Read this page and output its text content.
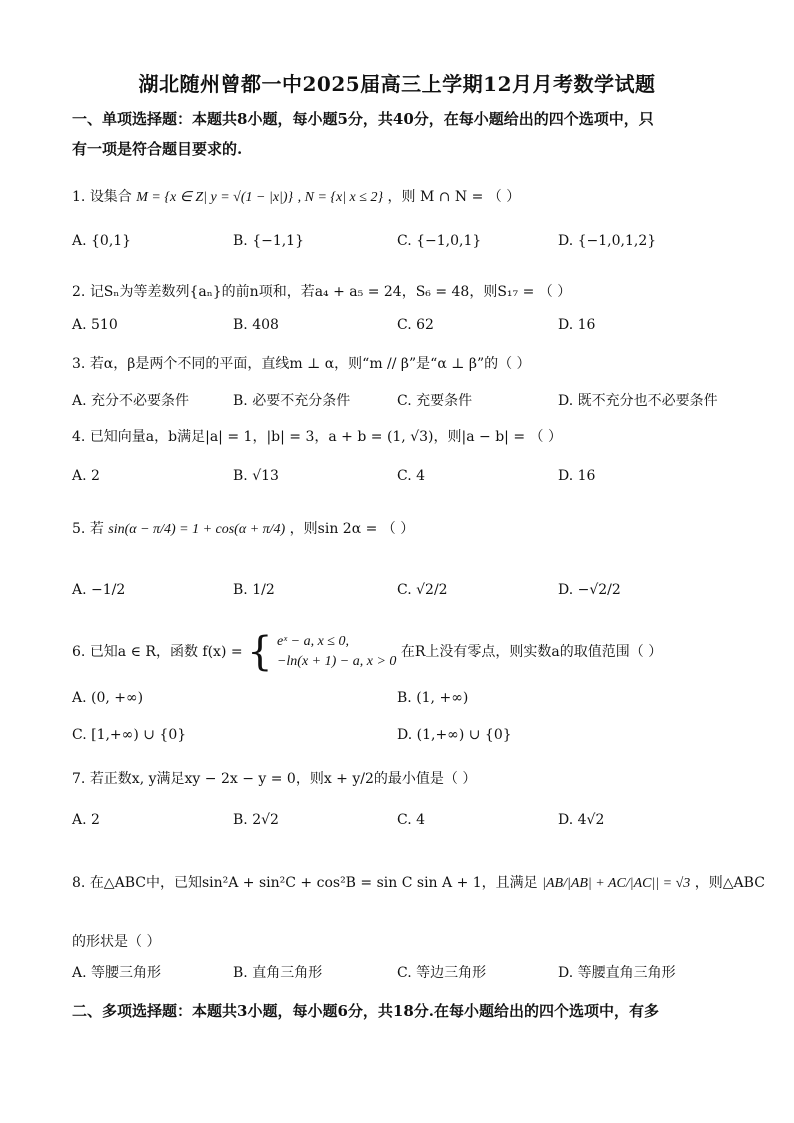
湖北随州曾都一中2025届高三上学期12月月考数学试题
一、单项选择题：本题共8小题，每小题5分，共40分，在每小题给出的四个选项中，只
有一项是符合题目要求的.
1. 设集合 M = {x ∈ Z| y = √(1 − |x|)} , N = {x| x ≤ 2} ，则 M ∩ N = （ ）
A. {0,1}	B. {−1,1}	C. {−1,0,1}	D. {−1,0,1,2}
2. 记Sₙ为等差数列{aₙ}的前n项和，若a₄ + a₅ = 24，S₆ = 48，则S₁₇ = （ ）
A. 510	B. 408	C. 62	D. 16
3. 若α，β是两个不同的平面，直线m ⊥ α，则“m // β”是“α ⊥ β”的（ ）
A. 充分不必要条件	B. 必要不充分条件	C. 充要条件	D. 既不充分也不必要条件
4. 已知向量a，b满足|a| = 1，|b| = 3，a + b = (1, √3)，则|a − b| = （ ）
A. 2	B. √13	C. 4	D. 16
5. 若 sin(α − π/4) = 1 + cos(α + π/4) ，则sin 2α = （ ）
A. −1/2	B. 1/2	C. √2/2	D. −√2/2
6. 已知a ∈ R，函数 f(x) = { eˣ − a, x ≤ 0,
−ln(x + 1) − a, x > 0
在R上没有零点，则实数a的取值范围（ ）
A. (0, +∞)	B. (1, +∞)
C. [1,+∞) ∪ {0}	D. (1,+∞) ∪ {0}
7. 若正数x, y满足xy − 2x − y = 0，则x + y/2的最小值是（ ）
A. 2	B. 2√2	C. 4	D. 4√2
8. 在△ABC中，已知sin²A + sin²C + cos²B = sin C sin A + 1，且满足 |AB/|AB| + AC/|AC|| = √3 ，则△ABC
的形状是（ ）
A. 等腰三角形	B. 直角三角形	C. 等边三角形	D. 等腰直角三角形
二、多项选择题：本题共3小题，每小题6分，共18分.在每小题给出的四个选项中，有多
